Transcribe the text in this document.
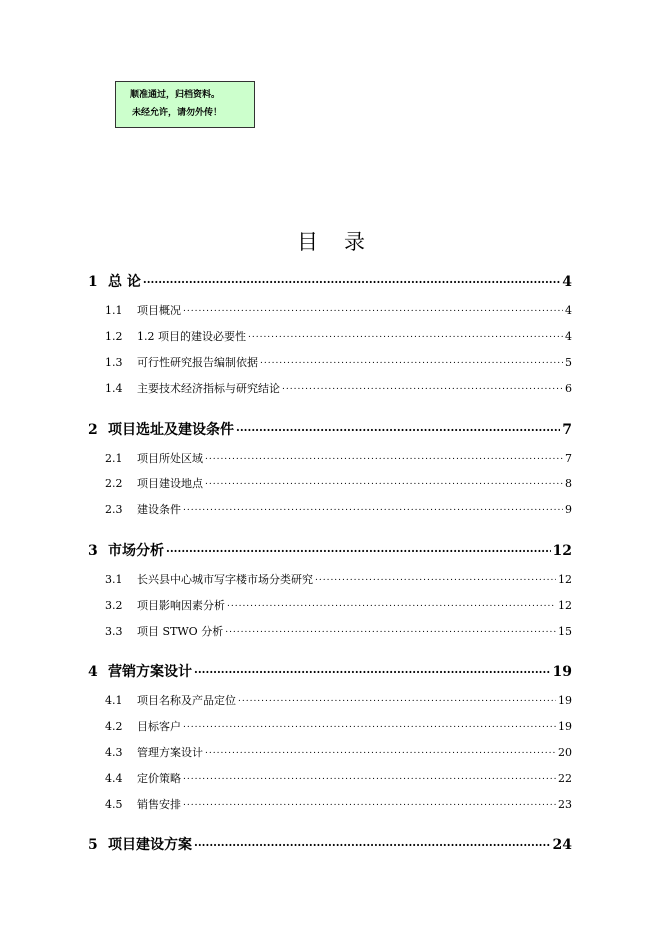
顺准通过，归档资料。
未经允许，请勿外传！
目 录
1 总 论 .....	4
1.1	项目概况 .....	4
1.2	1.2 项目的建设必要性 .....	4
1.3	可行性研究报告编制依据 .....	5
1.4	主要技术经济指标与研究结论 .....	6
2 项目选址及建设条件 .....	7
2.1	项目所处区域 .....	7
2.2	项目建设地点 .....	8
2.3	建设条件 .....	9
3 市场分析 .....	12
3.1	长兴县中心城市写字楼市场分类研究 .....	12
3.2	项目影响因素分析 .....	12
3.3	项目 STWO 分析 .....	15
4 营销方案设计 .....	19
4.1	项目名称及产品定位 .....	19
4.2	目标客户 .....	19
4.3	管理方案设计 .....	20
4.4	定价策略 .....	22
4.5	销售安排 .....	23
5 项目建设方案 .....	24
